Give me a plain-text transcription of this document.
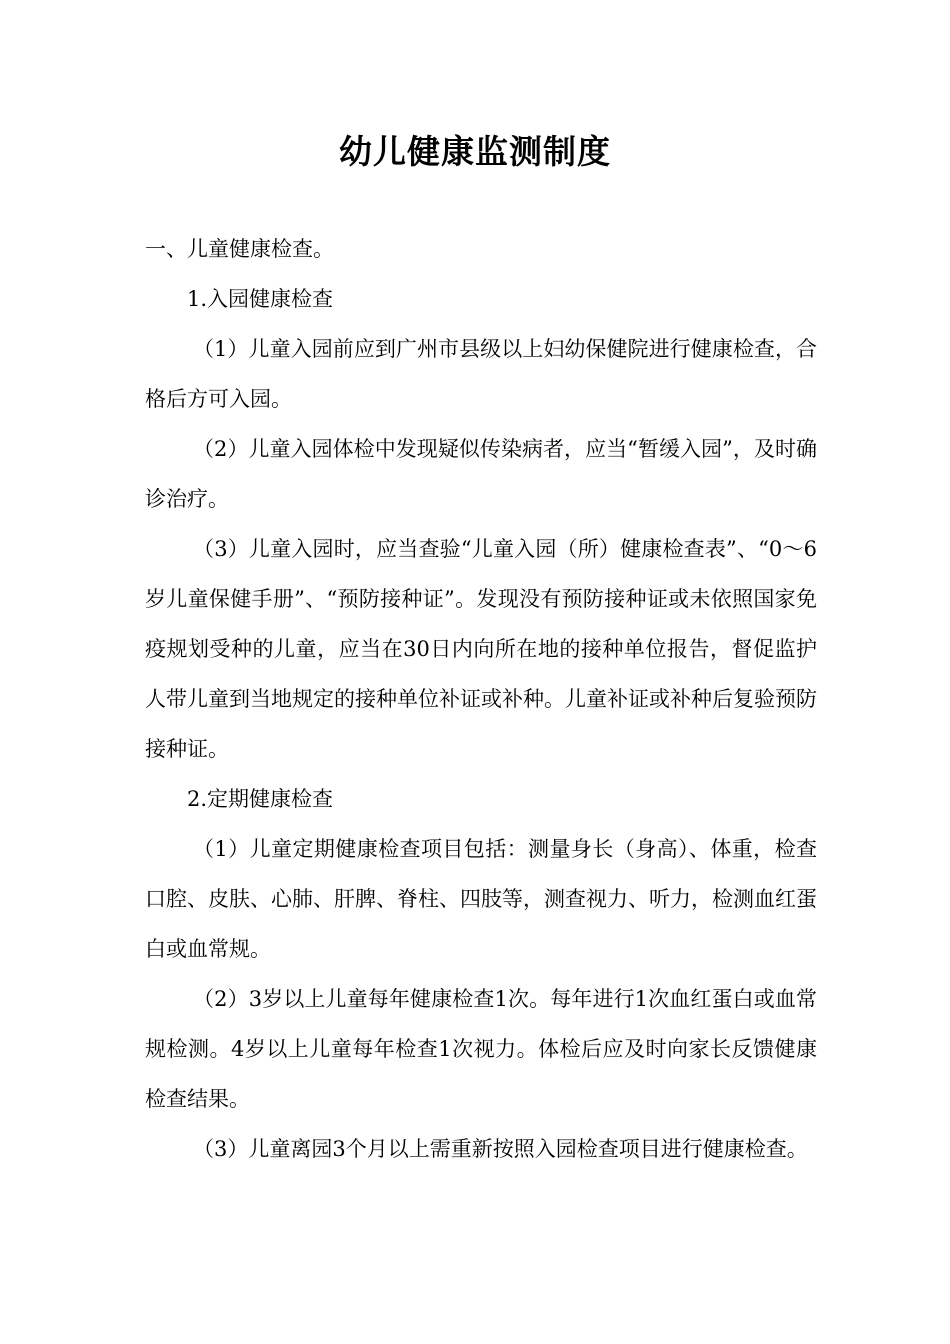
幼儿健康监测制度

一、儿童健康检查。

1.入园健康检查

（1）儿童入园前应到广州市县级以上妇幼保健院进行健康检查，合格后方可入园。

（2）儿童入园体检中发现疑似传染病者，应当“暂缓入园”，及时确诊治疗。

（3）儿童入园时，应当查验“儿童入园（所）健康检查表”、“0～6岁儿童保健手册”、“预防接种证”。发现没有预防接种证或未依照国家免疫规划受种的儿童，应当在30日内向所在地的接种单位报告，督促监护人带儿童到当地规定的接种单位补证或补种。儿童补证或补种后复验预防接种证。

2.定期健康检查

（1）儿童定期健康检查项目包括：测量身长（身高）、体重，检查口腔、皮肤、心肺、肝脾、脊柱、四肢等，测查视力、听力，检测血红蛋白或血常规。

（2）3岁以上儿童每年健康检查1次。每年进行1次血红蛋白或血常规检测。4岁以上儿童每年检查1次视力。体检后应及时向家长反馈健康检查结果。

（3）儿童离园3个月以上需重新按照入园检查项目进行健康检查。
